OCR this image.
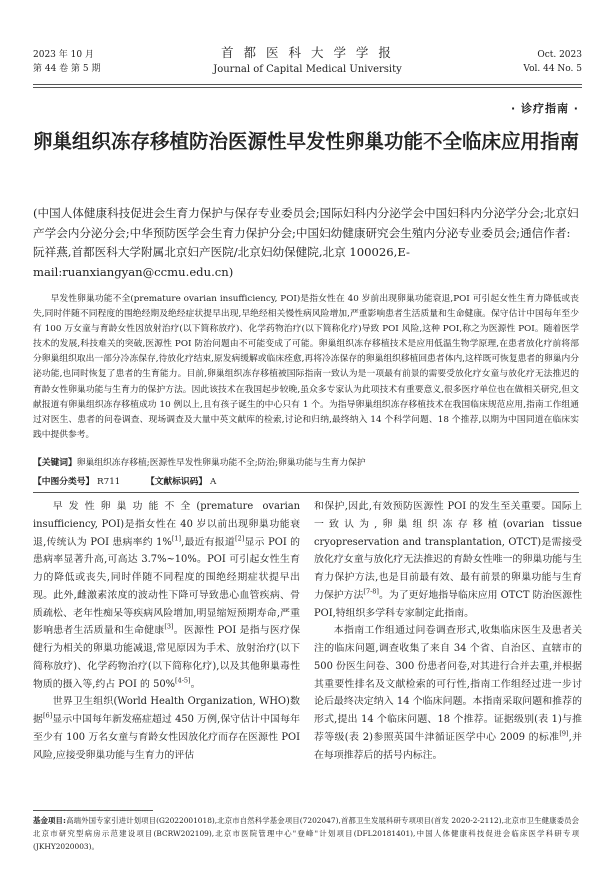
2023 年 10 月
第 44 卷 第 5 期
首 都 医 科 大 学 学 报
Journal of Capital Medical University
Oct. 2023
Vol. 44 No. 5
· 诊疗指南 ·
卵巢组织冻存移植防治医源性早发性卵巢功能不全临床应用指南
(中国人体健康科技促进会生育力保护与保存专业委员会;国际妇科内分泌学会中国妇科内分泌学分会;北京妇产学会内分泌分会;中华预防医学会生育力保护分会;中国妇幼健康研究会生殖内分泌专业委员会;通信作者:阮祥燕,首都医科大学附属北京妇产医院/北京妇幼保健院,北京 100026,E-mail:ruanxiangyan@ccmu.edu.cn)
早发性卵巢功能不全(premature ovarian insufficiency, POI)是指女性在 40 岁前出现卵巢功能衰退,POI 可引起女性生育力降低或丧失,同时伴随不同程度的围绝经期及绝经症状提早出现,早绝经相关慢性病风险增加,严重影响患者生活质量和生命健康。保守估计中国每年至少有 100 万女童与育龄女性因放射治疗(以下简称放疗)、化学药物治疗(以下简称化疗)导致 POI 风险,这种 POI,称之为医源性 POI。随着医学技术的发展,科技难关的突破,医源性 POI 防治问题由不可能变成了可能。卵巢组织冻存移植技术是应用低温生物学原理,在患者放化疗前将部分卵巢组织取出一部分冷冻保存,待放化疗结束,原发病缓解或临床痊愈,再将冷冻保存的卵巢组织移植回患者体内,这样既可恢复患者的卵巢内分泌功能,也同时恢复了患者的生育能力。目前,卵巢组织冻存移植被国际指南一致认为是一项最有前景的需要受放化疗女童与放化疗无法推迟的育龄女性卵巢功能与生育力的保护方法。因此该技术在我国起步较晚,虽众多专家认为此项技术有重要意义,很多医疗单位也在做相关研究,但文献报道有卵巢组织冻存移植成功 10 例以上,且有孩子诞生的中心只有 1 个。为指导卵巢组织冻存移植技术在我国临床规范应用,指南工作组通过对医生、患者的问卷调查、现场调查及大量中英文献库的检索,讨论和归纳,最终纳入 14 个科学问题、18 个推荐,以期为中国同道在临床实践中提供参考。
【关键词】卵巢组织冻存移植;医源性早发性卵巢功能不全;防治;卵巢功能与生育力保护
【中图分类号】 R711	【文献标识码】 A

早发性卵巢功能不全(premature ovarian insufficiency, POI)是指女性在 40 岁以前出现卵巢功能衰退,传统认为 POI 患病率约 1%[1],最近有报道[2]显示 POI 的患病率显著升高,可高达 3.7%~10%。POI 可引起女性生育力的降低或丧失,同时伴随不同程度的围绝经期症状提早出现。此外,雌激素浓度的波动性下降可导致患心血管疾病、骨质疏松、老年性痴呆等疾病风险增加,明显缩短预期寿命,严重影响患者生活质量和生命健康[3]。医源性 POI 是指与医疗保健行为相关的卵巢功能减退,常见原因为手术、放射治疗(以下简称放疗)、化学药物治疗(以下简称化疗),以及其他卵巢毒性物质的摄入等,约占 POI 的 50%[4-5]。

世界卫生组织(World Health Organization, WHO)数据[6]显示中国每年新发癌症超过 450 万例,保守估计中国每年至少有 100 万名女童与育龄女性因放化疗而存在医源性 POI 风险,应接受卵巢功能与生育力的评估

和保护,因此,有效预防医源性 POI 的发生至关重要。国际上一致认为,卵巢组织冻存移植(ovarian tissue cryopreservation and transplantation, OTCT)是需接受放化疗女童与放化疗无法推迟的育龄女性唯一的卵巢功能与生育力保护方法,也是目前最有效、最有前景的卵巢功能与生育力保护方法[7-8]。为了更好地指导临床应用 OTCT 防治医源性 POI,特组织多学科专家制定此指南。

本指南工作组通过问卷调查形式,收集临床医生及患者关注的临床问题,调查收集了来自 34 个省、自治区、直辖市的 500 份医生问卷、300 份患者问卷,对其进行合并去重,并根据其重要性排名及文献检索的可行性,指南工作组经过进一步讨论后最终决定纳入 14 个临床问题。本指南采取问题和推荐的形式,提出 14 个临床问题、18 个推荐。证据级别(表 1)与推荐等级(表 2)参照英国牛津循证医学中心 2009 的标准[9],并在每项推荐后的括号内标注。

基金项目:高端外国专家引进计划项目(G2022001018),北京市自然科学基金项目(7202047),首都卫生发展科研专项项目(首发 2020-2-2112),北京市卫生健康委员会北京市研究型病房示范建设项目(BCRW202109),北京市医院管理中心"登峰"计划项目(DFL20181401),中国人体健康科技促进会临床医学科研专项(JKHY2020003)。
